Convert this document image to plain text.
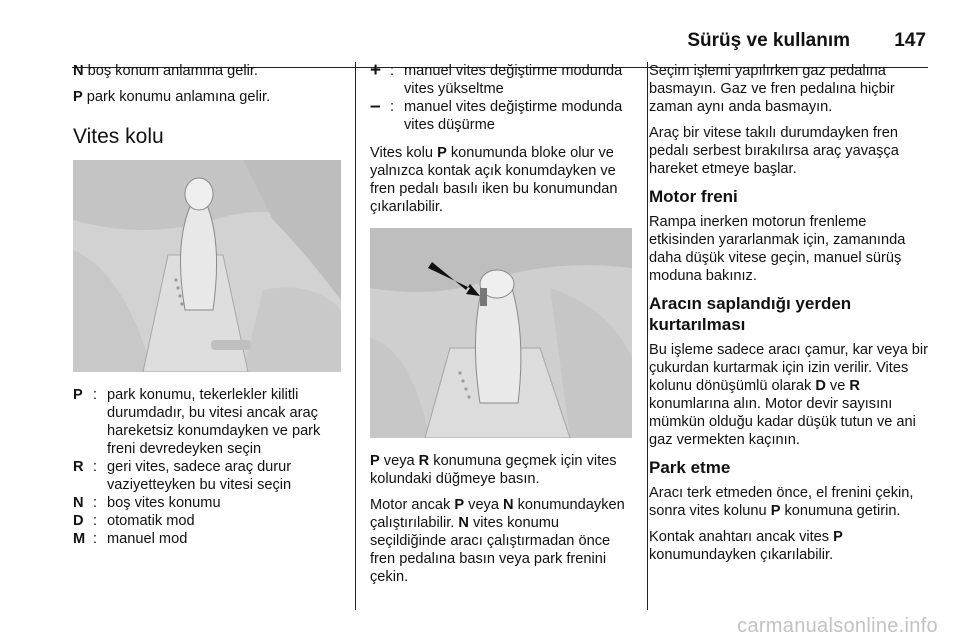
Sürüş ve kullanım 147

N boş konum anlamına gelir.

P park konumu anlamına gelir.

Vites kolu
P : park konumu, tekerlekler kilitli durumdadır, bu vitesi ancak araç hareketsiz konumdayken ve park freni devredeyken seçin
R : geri vites, sadece araç durur vaziyetteyken bu vitesi seçin
N : boş vites konumu
D : otomatik mod
M : manuel mod
+ : manuel vites değiştirme modunda vites yükseltme
– : manuel vites değiştirme modunda vites düşürme

Vites kolu P konumunda bloke olur ve yalnızca kontak açık konumdayken ve fren pedalı basılı iken bu konumundan çıkarılabilir.

P veya R konumuna geçmek için vites kolundaki düğmeye basın.

Motor ancak P veya N konumundayken çalıştırılabilir. N vites konumu seçildiğinde aracı çalıştırmadan önce fren pedalına basın veya park frenini çekin.

Seçim işlemi yapılırken gaz pedalına basmayın. Gaz ve fren pedalına hiçbir zaman aynı anda basmayın.

Araç bir vitese takılı durumdayken fren pedalı serbest bırakılırsa araç yavaşça hareket etmeye başlar.

Motor freni

Rampa inerken motorun frenleme etkisinden yararlanmak için, zamanında daha düşük vitese geçin, manuel sürüş moduna bakınız.

Aracın saplandığı yerden kurtarılması

Bu işleme sadece aracı çamur, kar veya bir çukurdan kurtarmak için izin verilir. Vites kolunu dönüşümlü olarak D ve R konumlarına alın. Motor devir sayısını mümkün olduğu kadar düşük tutun ve ani gaz vermekten kaçının.

Park etme

Aracı terk etmeden önce, el frenini çekin, sonra vites kolunu P konumuna getirin.

Kontak anahtarı ancak vites P konumundayken çıkarılabilir.

carmanualsonline.info
